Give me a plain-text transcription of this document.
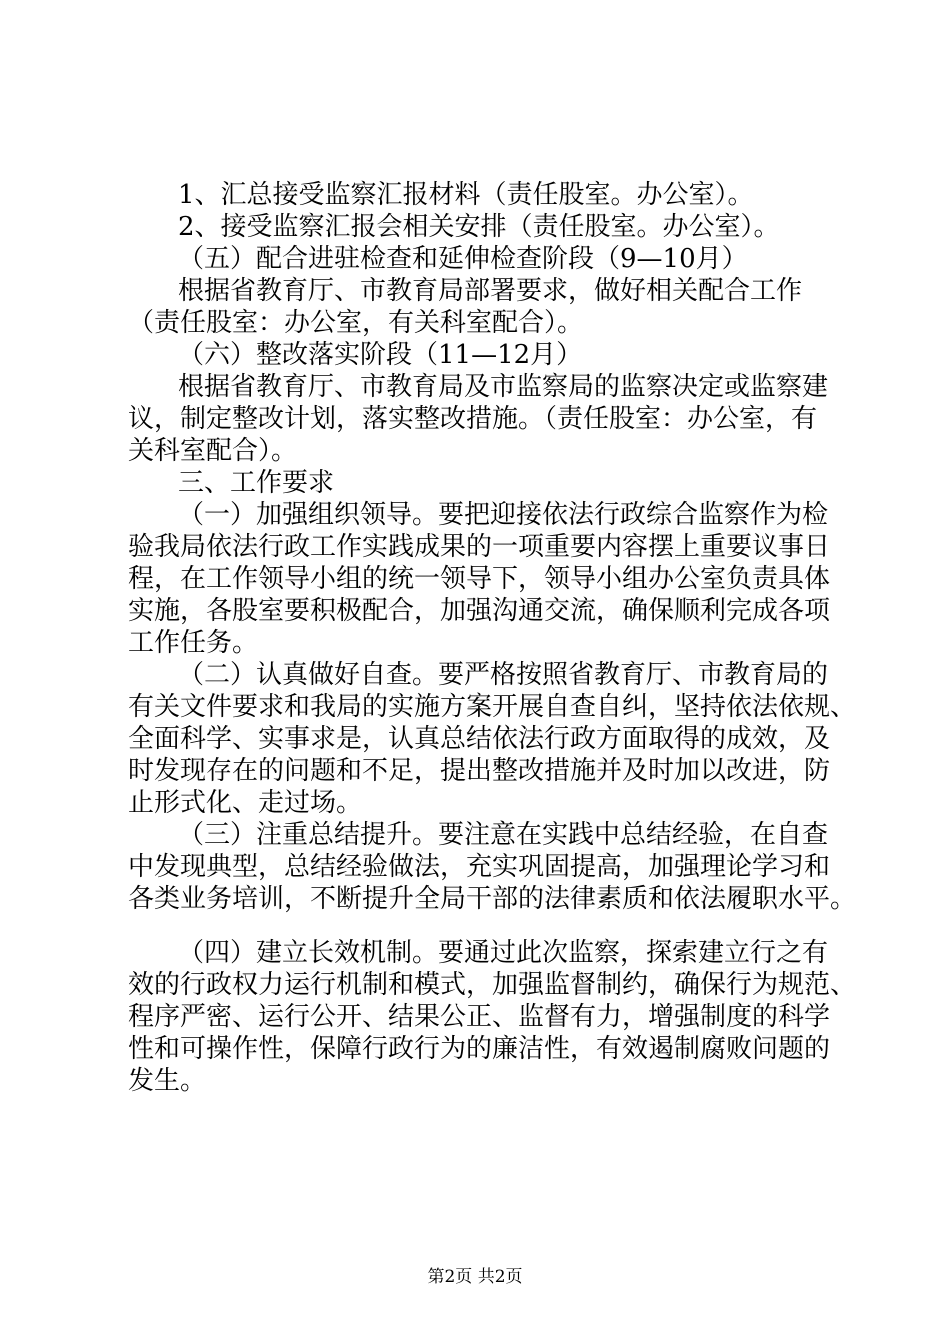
1、汇总接受监察汇报材料（责任股室。办公室）。
2、接受监察汇报会相关安排（责任股室。办公室）。
（五）配合进驻检查和延伸检查阶段（9—10月）
根据省教育厅、市教育局部署要求，做好相关配合工作
（责任股室：办公室，有关科室配合）。
（六）整改落实阶段（11—12月）
根据省教育厅、市教育局及市监察局的监察决定或监察建
议，制定整改计划，落实整改措施。（责任股室：办公室，有
关科室配合）。
三、工作要求
（一）加强组织领导。要把迎接依法行政综合监察作为检
验我局依法行政工作实践成果的一项重要内容摆上重要议事日
程，在工作领导小组的统一领导下，领导小组办公室负责具体
实施，各股室要积极配合，加强沟通交流，确保顺利完成各项
工作任务。
（二）认真做好自查。要严格按照省教育厅、市教育局的
有关文件要求和我局的实施方案开展自查自纠，坚持依法依规、
全面科学、实事求是，认真总结依法行政方面取得的成效，及
时发现存在的问题和不足，提出整改措施并及时加以改进，防
止形式化、走过场。
（三）注重总结提升。要注意在实践中总结经验，在自查
中发现典型，总结经验做法，充实巩固提高，加强理论学习和
各类业务培训，不断提升全局干部的法律素质和依法履职水平。
（四）建立长效机制。要通过此次监察，探索建立行之有
效的行政权力运行机制和模式，加强监督制约，确保行为规范、
程序严密、运行公开、结果公正、监督有力，增强制度的科学
性和可操作性，保障行政行为的廉洁性，有效遏制腐败问题的
发生。
第2页 共2页
